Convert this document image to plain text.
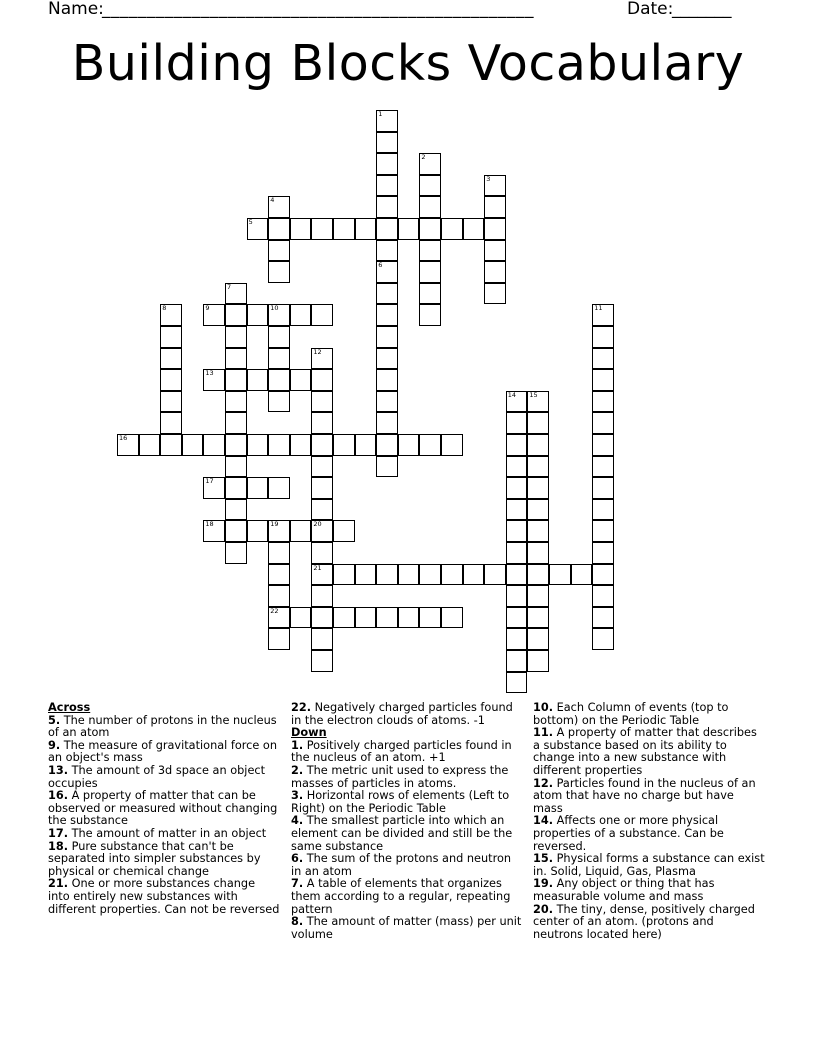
Name:
________________________________________________	Date:
_______
Building Blocks Vocabulary
1
6
2
3
4
5
7
8	9	10	11
12
20
21
13
14 15
16
17
18	19
22
Across
5. The number of protons in the nucleus of an atom
9. The measure of gravitational force on an object's mass
13. The amount of 3d space an object occupies
16. A property of matter that can be observed or measured without changing the substance
17. The amount of matter in an object
18. Pure substance that can't be separated into simpler substances by physical or chemical change
21. One or more substances change into entirely new substances with different properties. Can not be reversed
22. Negatively charged particles found in the electron clouds of atoms. -1
Down
1. Positively charged particles found in the nucleus of an atom. +1
2. The metric unit used to express the masses of particles in atoms.
3. Horizontal rows of elements (Left to Right) on the Periodic Table
4. The smallest particle into which an element can be divided and still be the same substance
6. The sum of the protons and neutron in an atom
7. A table of elements that organizes them according to a regular, repeating pattern
8. The amount of matter (mass) per unit volume
10. Each Column of events (top to bottom) on the Periodic Table
11. A property of matter that describes a substance based on its ability to change into a new substance with different properties
12. Particles found in the nucleus of an atom that have no charge but have mass
14. Affects one or more physical properties of a substance. Can be reversed.
15. Physical forms a substance can exist in. Solid, Liquid, Gas, Plasma
19. Any object or thing that has measurable volume and mass
20. The tiny, dense, positively charged center of an atom. (protons and neutrons located here)
